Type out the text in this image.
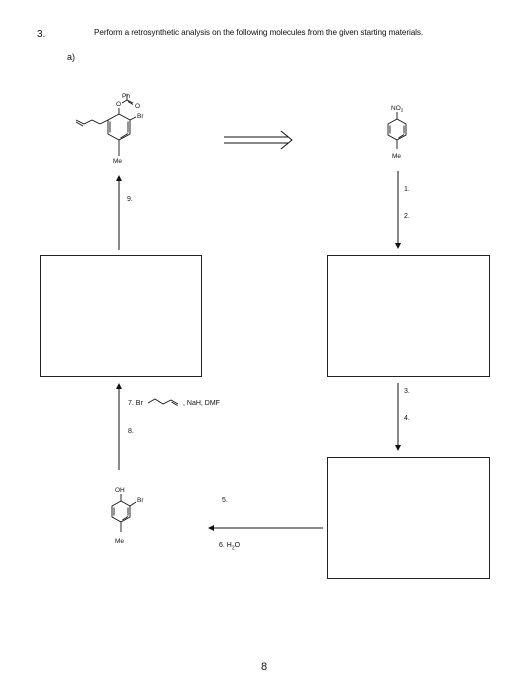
3.	Perform a retrosynthetic analysis on the following molecules from the given starting materials.
a)
1.
2.
3.
4.
5.
6. $H_2O$
7. Br	, NaH, DMF
8.
9.
8
Ph
O O
Br
Me
$NO_2$
Me
OH
Br
Me
